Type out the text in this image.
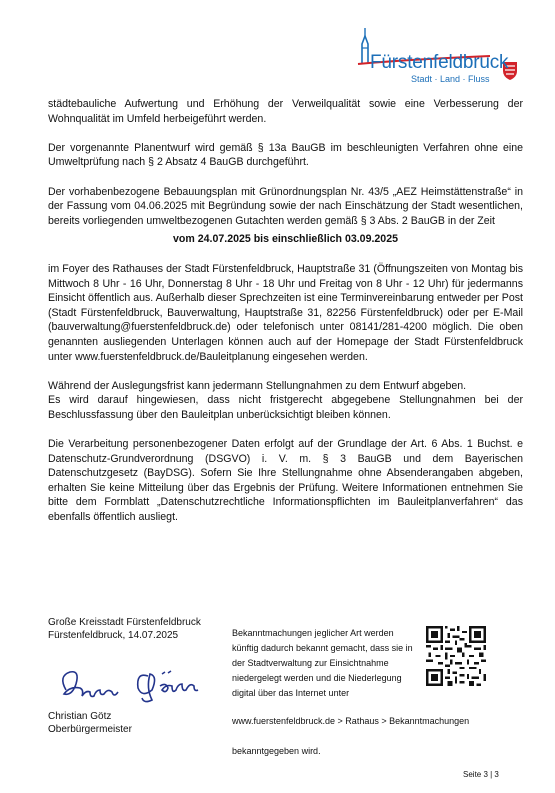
Fürstenfeldbruck
Stadt · Land · Fluss

städtebauliche Aufwertung und Erhöhung der Verweilqualität sowie eine Verbesserung der Wohnqualität im Umfeld herbeigeführt werden.

Der vorgenannte Planentwurf wird gemäß § 13a BauGB im beschleunigten Verfahren ohne eine Umweltprüfung nach § 2 Absatz 4 BauGB durchgeführt.

Der vorhabenbezogene Bebauungsplan mit Grünordnungsplan Nr. 43/5 „AEZ Heimstättenstraße“ in der Fassung vom 04.06.2025 mit Begründung sowie der nach Einschätzung der Stadt wesentlichen, bereits vorliegenden umweltbezogenen Gutachten werden gemäß § 3 Abs. 2 BauGB in der Zeit

vom 24.07.2025 bis einschließlich 03.09.2025

im Foyer des Rathauses der Stadt Fürstenfeldbruck, Hauptstraße 31 (Öffnungszeiten von Montag bis Mittwoch 8 Uhr - 16 Uhr, Donnerstag 8 Uhr - 18 Uhr und Freitag von 8 Uhr - 12 Uhr) für jedermanns Einsicht öffentlich aus. Außerhalb dieser Sprechzeiten ist eine Terminvereinbarung entweder per Post (Stadt Fürstenfeldbruck, Bauverwaltung, Hauptstraße 31, 82256 Fürstenfeldbruck) oder per E-Mail (bauverwaltung@fuerstenfeldbruck.de) oder telefonisch unter 08141/281-4200 möglich. Die oben genannten ausliegenden Unterlagen können auch auf der Homepage der Stadt Fürstenfeldbruck unter www.fuerstenfeldbruck.de/Bauleitplanung eingesehen werden.

Während der Auslegungsfrist kann jedermann Stellungnahmen zu dem Entwurf abgeben.

Es wird darauf hingewiesen, dass nicht fristgerecht abgegebene Stellungnahmen bei der Beschlussfassung über den Bauleitplan unberücksichtigt bleiben können.

Die Verarbeitung personenbezogener Daten erfolgt auf der Grundlage der Art. 6 Abs. 1 Buchst. e Datenschutz-Grundverordnung (DSGVO) i. V. m. § 3 BauGB und dem Bayerischen Datenschutzgesetz (BayDSG). Sofern Sie Ihre Stellungnahme ohne Absenderangaben abgeben, erhalten Sie keine Mitteilung über das Ergebnis der Prüfung. Weitere Informationen entnehmen Sie bitte dem Formblatt „Datenschutzrechtliche Informationspflichten im Bauleitplanverfahren“ das ebenfalls öffentlich ausliegt.

Große Kreisstadt Fürstenfeldbruck
Fürstenfeldbruck, 14.07.2025
Christian Götz
Oberbürgermeister
Bekanntmachungen jeglicher Art werden künftig dadurch bekannt gemacht, dass sie in der Stadtverwaltung zur Einsichtnahme niedergelegt werden und die Niederlegung digital über das Internet unter
www.fuerstenfeldbruck.de > Rathaus > Bekanntmachungen
bekanntgegeben wird.
Seite 3 | 3
